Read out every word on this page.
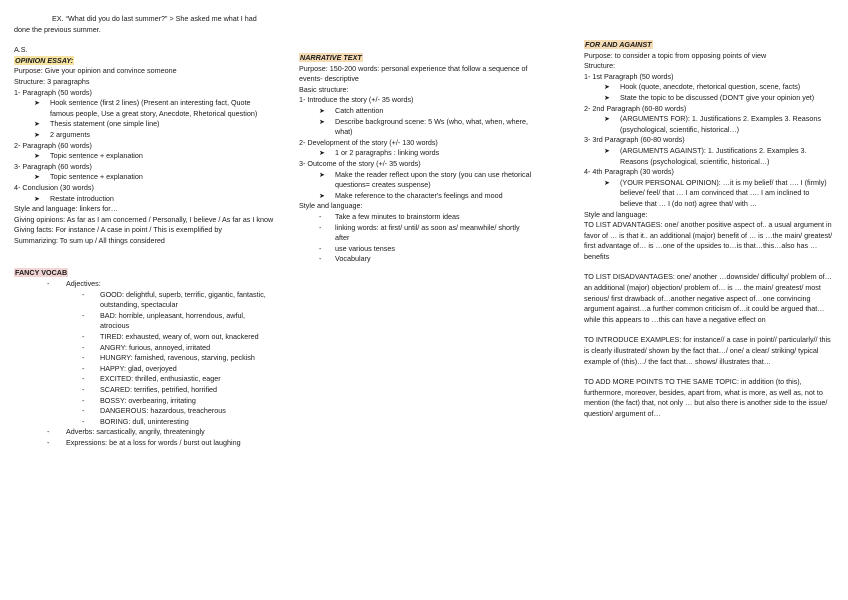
EX. “What did you do last summer?” > She asked me what I had

done the previous summer.

A.S.

OPINION ESSAY:

Purpose: Give your opinion and convince someone

Structure: 3 paragraphs

1- Paragraph (50 words)

➤ Hook sentence (first 2 lines) (Present an interesting fact, Quote famous people, Use a great story, Anecdote, Rhetorical question)
➤ Thesis statement (one simple line)
➤ 2 arguments

2- Paragraph (60 words)

➤ Topic sentence + explanation

3- Paragraph (60 words)

➤ Topic sentence + explanation

4- Conclusion (30 words)

➤ Restate introduction

Style and language: linkers for…

Giving opinions: As far as I am concerned / Personally, I believe / As far as I know

Giving facts: For instance / A case in point / This is exemplified by

Summarizing: To sum up / All things considered

FANCY VOCAB

- Adjectives:
- GOOD: delightful, superb, terrific, gigantic, fantastic, outstanding, spectacular
- BAD: horrible, unpleasant, horrendous, awful, atrocious
- TIRED: exhausted, weary of, worn out, knackered
- ANGRY: furious, annoyed, irritated
- HUNGRY: famished, ravenous, starving, peckish
- HAPPY: glad, overjoyed
- EXCITED: thrilled, enthusiastic, eager
- SCARED: terrifies, petrified, horrified
- BOSSY: overbearing, irritating
- DANGEROUS: hazardous, treacherous
- BORING: dull, uninteresting
- Adverbs: sarcastically, angrily, threateningly
- Expressions: be at a loss for words / burst out laughing

NARRATIVE TEXT

Purpose: 150-200 words: personal experience that follow a sequence of events- descriptive

Basic structure:

1- Introduce the story (+/- 35 words)

➤ Catch attention
➤ Describe background scene: 5 Ws (who, what, when, where, what)

2- Development of the story (+/- 130 words)

➤ 1 or 2 paragraphs : linking words

3- Outcome of the story (+/- 35 words)

➤ Make the reader reflect upon the story (you can use rhetorical questions= creates suspense)
➤ Make reference to the character's feelings and mood

Style and language:

- Take a few minutes to brainstorm ideas
- linking words: at first/ until/ as soon as/ meanwhile/ shortly after
- use various tenses
- Vocabulary

FOR AND AGAINST

Purpose: to consider a topic from opposing points of view

Structure:

1- 1st Paragraph (50 words)

➤ Hook (quote, anecdote, rhetorical question, scene, facts)
➤ State the topic to be discussed (DON'T give your opinion yet)

2- 2nd Paragraph (60-80 words)

➤ (ARGUMENTS FOR): 1. Justifications 2. Examples 3. Reasons (psychological, scientific, historical…)

3- 3rd Paragraph (60-80 words)

➤ (ARGUMENTS AGAINST): 1. Justifications 2. Examples 3. Reasons (psychological, scientific, historical…)

4- 4th Paragraph (30 words)

➤ (YOUR PERSONAL OPINION): …it is my belief/ that …. I (firmly) believe/ feel/ that … I am convinced that …. I am inclined to believe that … I (do not) agree that/ with …

Style and language:

TO LIST ADVANTAGES: one/ another positive aspect of.. a usual argument in favor of … is that it.. an additional (major) benefit of … is …the main/ greatest/ first advantage of… is …one of the upsides to…is that…this…also has …benefits

TO LIST DISADVANTAGES: one/ another …downside/ difficulty/ problem of…an additional (major) objection/ problem of… is … the main/ greatest/ most serious/ first drawback of…another negative aspect of…one convincing argument against…a further common criticism of…it could be argued that…while this appears to …this can have a negative effect on

TO INTRODUCE EXAMPLES: for instance// a case in point// particularly// this is clearly illustrated/ shown by the fact that…/ one/ a clear/ striking/ typical example of (this)…/ the fact that… shows/ illustrates that…

TO ADD MORE POINTS TO THE SAME TOPIC: in addition (to this), furthermore, moreover, besides, apart from, what is more, as well as, not to mention (the fact) that, not only … but also there is another side to the issue/ question/ argument of…
